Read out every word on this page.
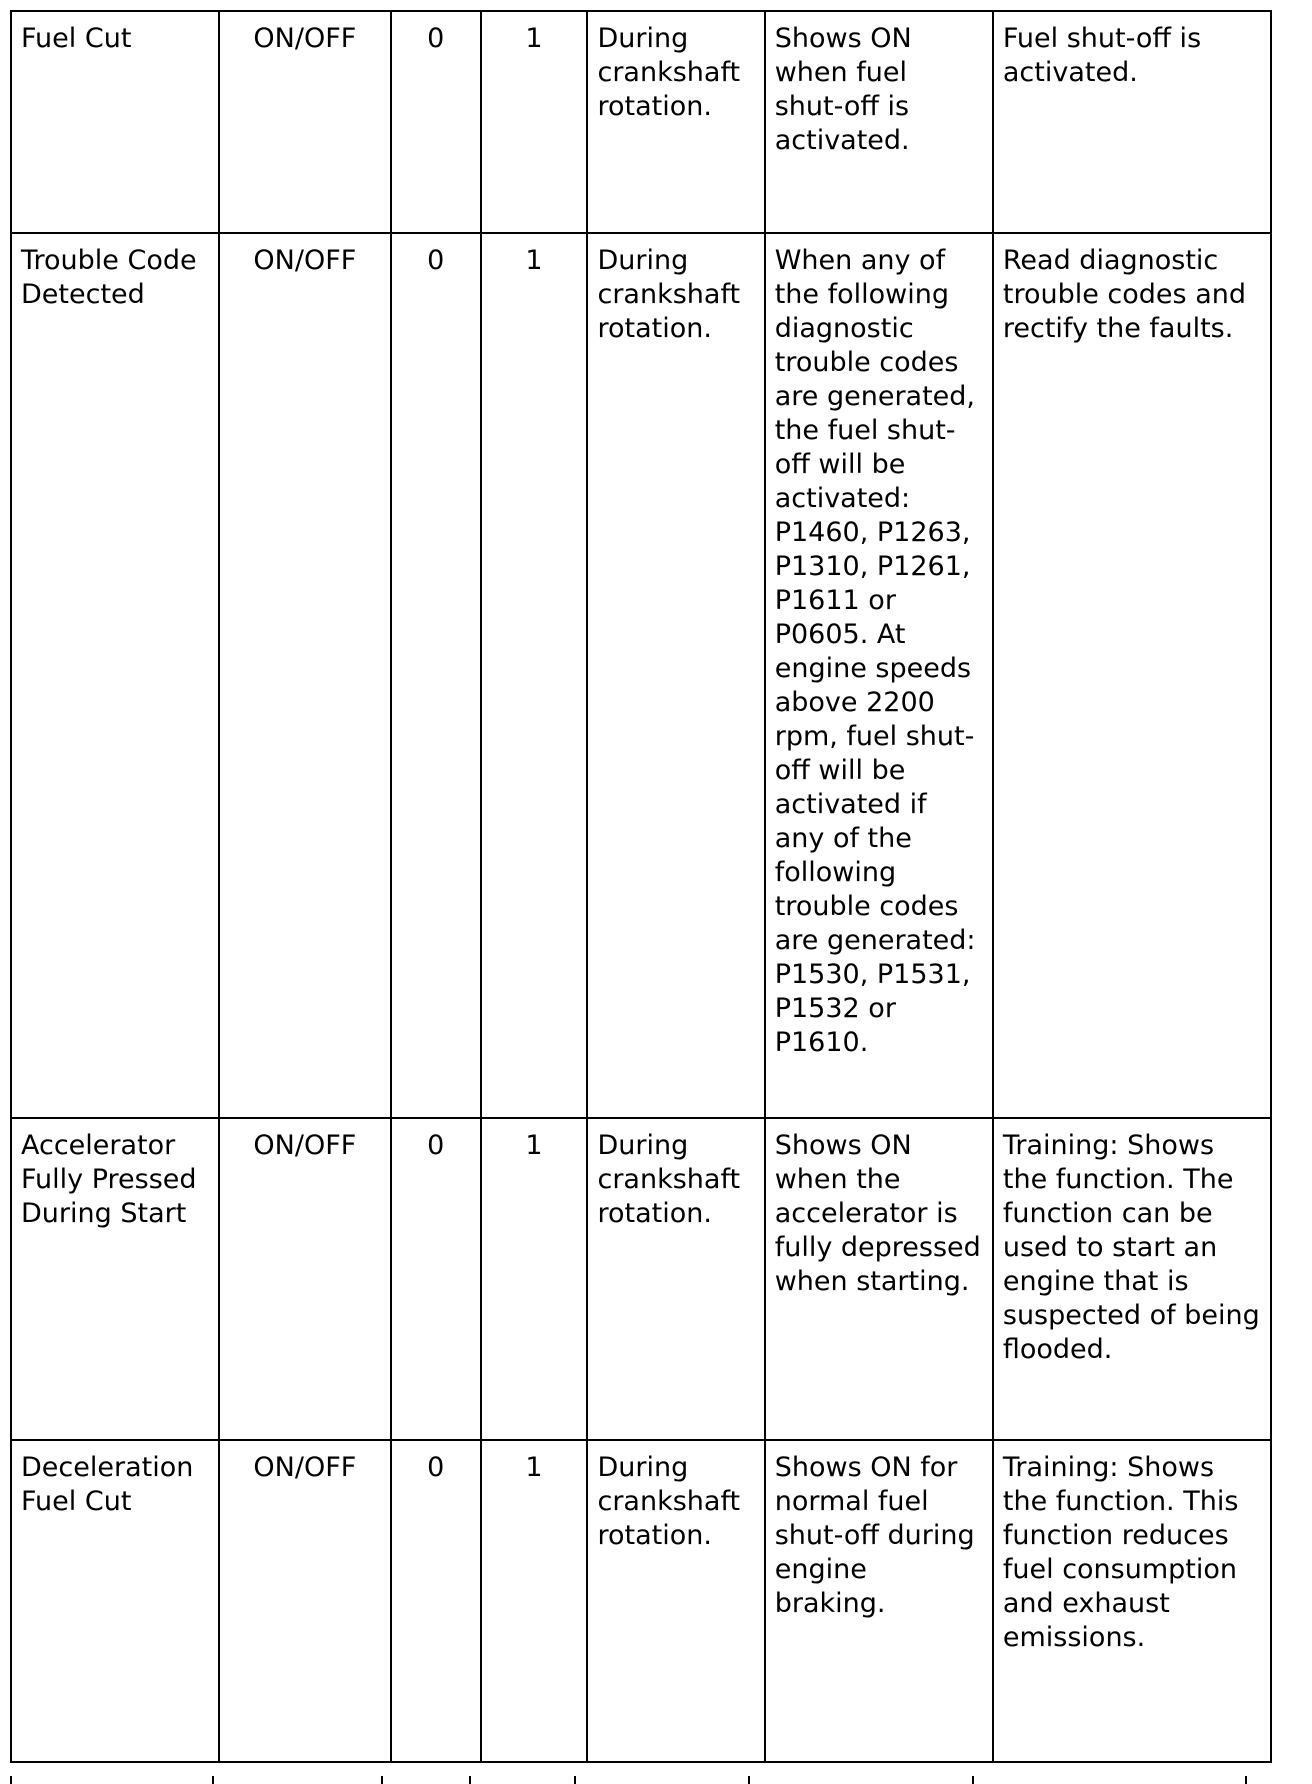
Fuel Cut	ON/OFF	0	1	During crankshaft rotation.	Shows ON when fuel shut-off is activated.	Fuel shut-off is activated.
Trouble Code Detected	ON/OFF	0	1	During crankshaft rotation.	When any of the following diagnostic trouble codes are generated, the fuel shut-off will be activated: P1460, P1263, P1310, P1261, P1611 or P0605. At engine speeds above 2200 rpm, fuel shut-off will be activated if any of the following trouble codes are generated: P1530, P1531, P1532 or P1610.	Read diagnostic trouble codes and rectify the faults.
Accelerator Fully Pressed During Start	ON/OFF	0	1	During crankshaft rotation.	Shows ON when the accelerator is fully depressed when starting.	Training: Shows the function. The function can be used to start an engine that is suspected of being flooded.
Deceleration Fuel Cut	ON/OFF	0	1	During crankshaft rotation.	Shows ON for normal fuel shut-off during engine braking.	Training: Shows the function. This function reduces fuel consumption and exhaust emissions.
